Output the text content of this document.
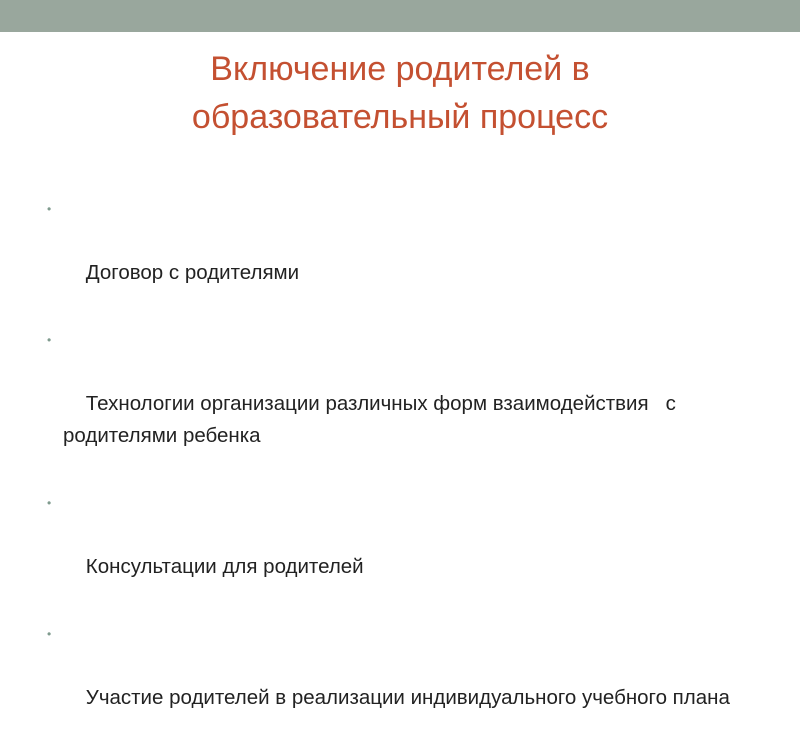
Включение родителей в
образовательный процесс

•

Договор с родителями

•

Технологии организации различных форм взаимодействия   с родителями ребенка

•

Консультации для родителей

•

Участие родителей в реализации индивидуального учебного плана
